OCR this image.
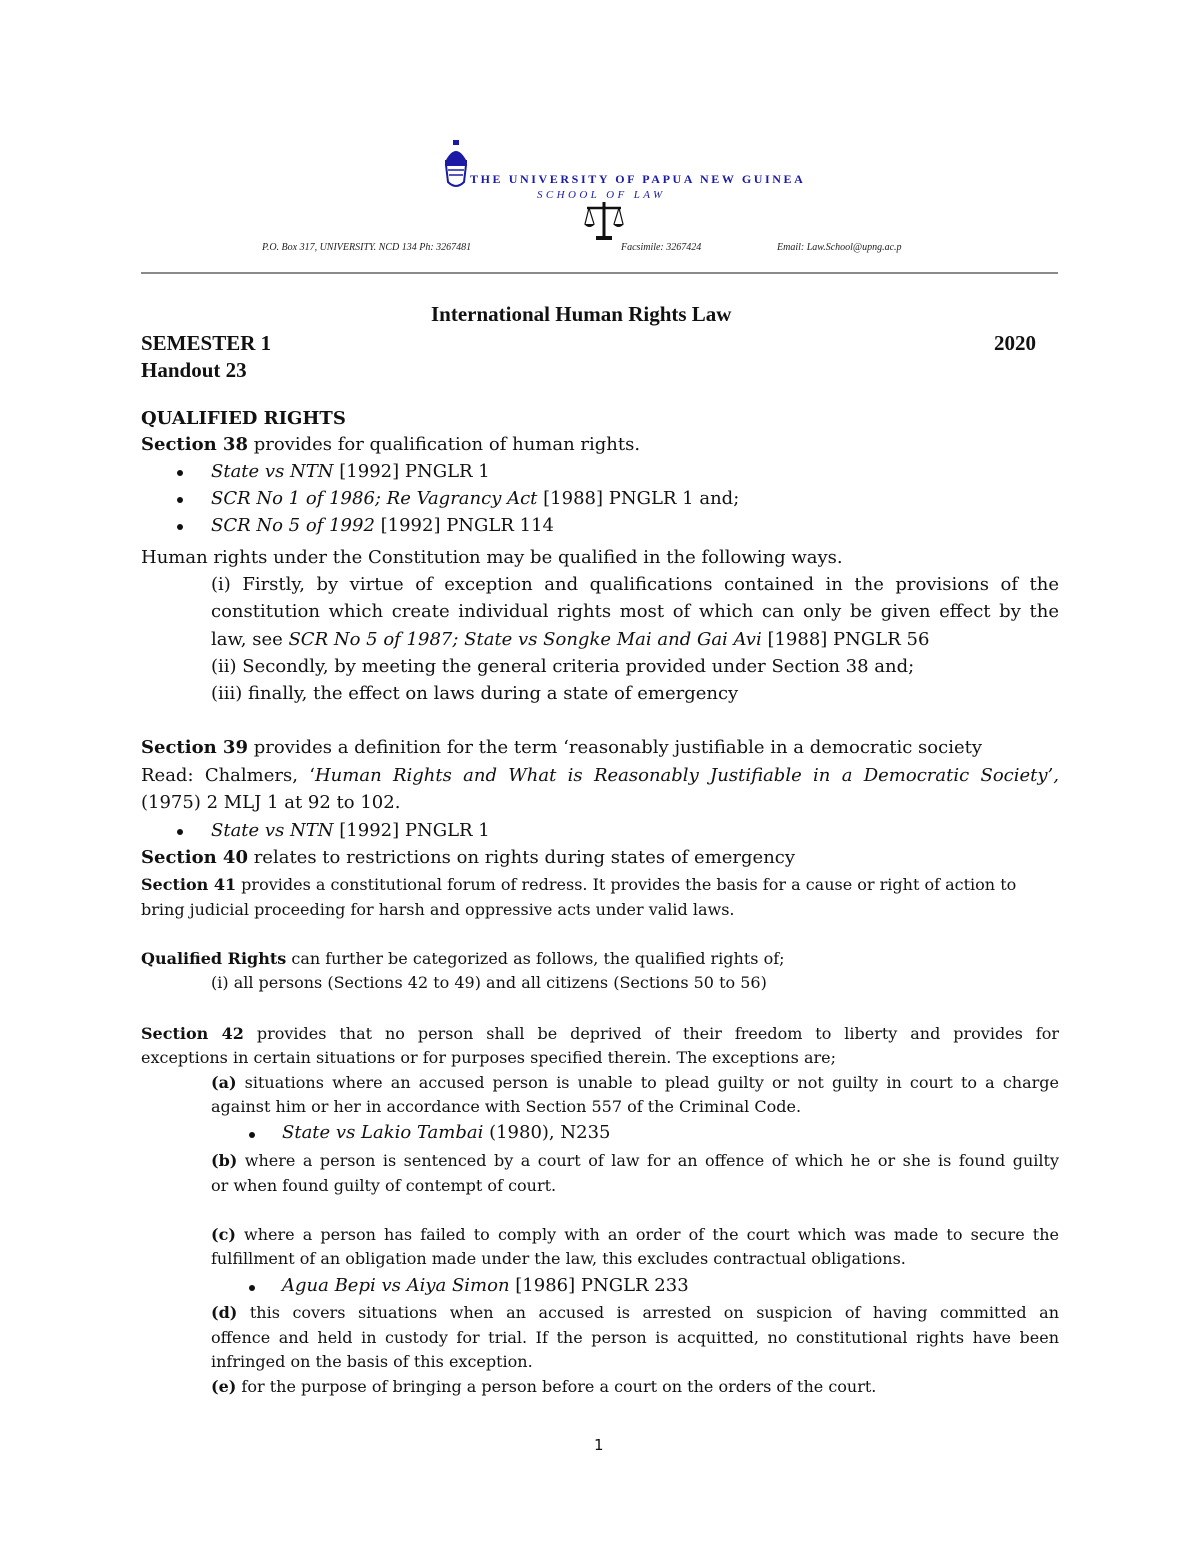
THE UNIVERSITY OF PAPUA NEW GUINEA
SCHOOL OF LAW
P.O. Box 317, UNIVERSITY. NCD 134 Ph: 3267481	Facsimile: 3267424	Email: Law.School@upng.ac.p
International Human Rights Law
SEMESTER 1	2020
Handout 23
QUALIFIED RIGHTS
Section 38 provides for qualification of human rights.
State vs NTN [1992] PNGLR 1
SCR No 1 of 1986; Re Vagrancy Act [1988] PNGLR 1 and;
SCR No 5 of 1992 [1992] PNGLR 114
Human rights under the Constitution may be qualified in the following ways.
(i) Firstly, by virtue of exception and qualifications contained in the provisions of the
constitution which create individual rights most of which can only be given effect by the
law, see SCR No 5 of 1987; State vs Songke Mai and Gai Avi [1988] PNGLR 56
(ii) Secondly, by meeting the general criteria provided under Section 38 and;
(iii) finally, the effect on laws during a state of emergency
Section 39 provides a definition for the term ‘reasonably justifiable in a democratic society
Read: Chalmers, ‘Human Rights and What is Reasonably Justifiable in a Democratic Society’,
(1975) 2 MLJ 1 at 92 to 102.
State vs NTN [1992] PNGLR 1
Section 40 relates to restrictions on rights during states of emergency
Section 41 provides a constitutional forum of redress. It provides the basis for a cause or right of action to
bring judicial proceeding for harsh and oppressive acts under valid laws.
Qualified Rights can further be categorized as follows, the qualified rights of;
(i) all persons (Sections 42 to 49) and all citizens (Sections 50 to 56)
Section 42 provides that no person shall be deprived of their freedom to liberty and provides for
exceptions in certain situations or for purposes specified therein. The exceptions are;
(a) situations where an accused person is unable to plead guilty or not guilty in court to a charge
against him or her in accordance with Section 557 of the Criminal Code.
State vs Lakio Tambai (1980), N235
(b) where a person is sentenced by a court of law for an offence of which he or she is found guilty
or when found guilty of contempt of court.
(c) where a person has failed to comply with an order of the court which was made to secure the
fulfillment of an obligation made under the law, this excludes contractual obligations.
Agua Bepi vs Aiya Simon [1986] PNGLR 233
(d) this covers situations when an accused is arrested on suspicion of having committed an
offence and held in custody for trial. If the person is acquitted, no constitutional rights have been
infringed on the basis of this exception.
(e) for the purpose of bringing a person before a court on the orders of the court.
1
